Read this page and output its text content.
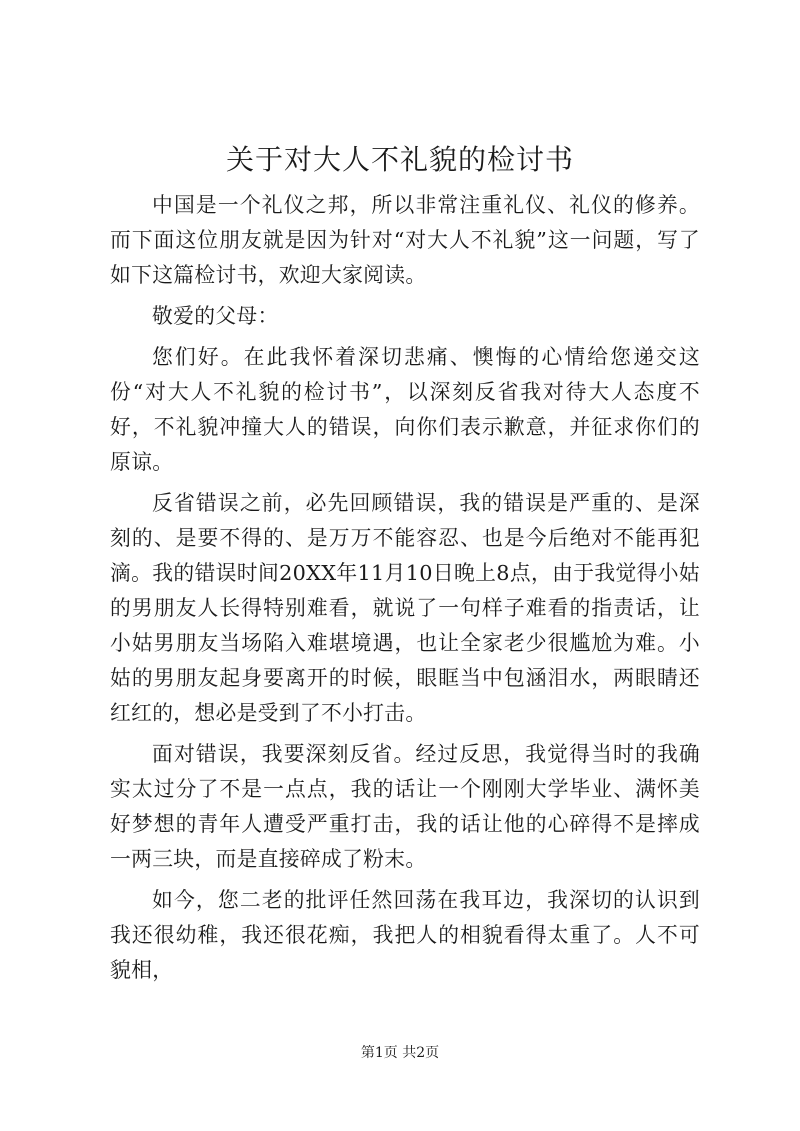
关于对大人不礼貌的检讨书

中国是一个礼仪之邦，所以非常注重礼仪、礼仪的修养。而下面这位朋友就是因为针对“对大人不礼貌”这一问题，写了如下这篇检讨书，欢迎大家阅读。

敬爱的父母：

您们好。在此我怀着深切悲痛、懊悔的心情给您递交这份“对大人不礼貌的检讨书”，以深刻反省我对待大人态度不好，不礼貌冲撞大人的错误，向你们表示歉意，并征求你们的原谅。

反省错误之前，必先回顾错误，我的错误是严重的、是深刻的、是要不得的、是万万不能容忍、也是今后绝对不能再犯滴。我的错误时间20XX年11月10日晚上8点，由于我觉得小姑的男朋友人长得特别难看，就说了一句样子难看的指责话，让小姑男朋友当场陷入难堪境遇，也让全家老少很尴尬为难。小姑的男朋友起身要离开的时候，眼眶当中包涵泪水，两眼睛还红红的，想必是受到了不小打击。

面对错误，我要深刻反省。经过反思，我觉得当时的我确实太过分了不是一点点，我的话让一个刚刚大学毕业、满怀美好梦想的青年人遭受严重打击，我的话让他的心碎得不是摔成一两三块，而是直接碎成了粉末。

如今，您二老的批评任然回荡在我耳边，我深切的认识到我还很幼稚，我还很花痴，我把人的相貌看得太重了。人不可貌相，

第1页 共2页
